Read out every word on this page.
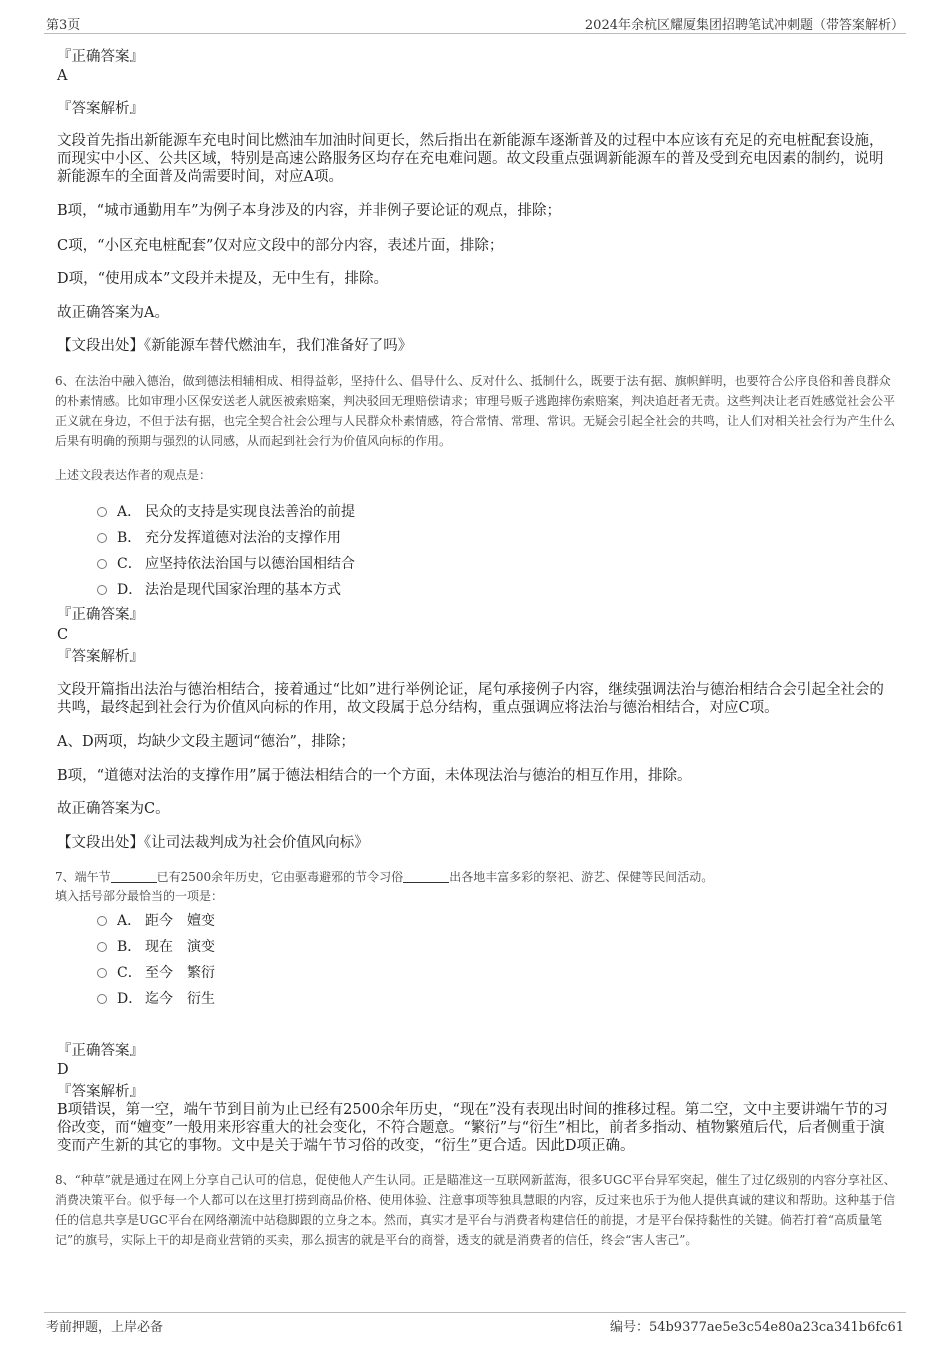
第3页	2024年余杭区耀厦集团招聘笔试冲刺题（带答案解析）
『正确答案』
A
『答案解析』
文段首先指出新能源车充电时间比燃油车加油时间更长，然后指出在新能源车逐渐普及的过程中本应该有充足的充电桩配套设施，而现实中小区、公共区域，特别是高速公路服务区均存在充电难问题。故文段重点强调新能源车的普及受到充电因素的制约，说明新能源车的全面普及尚需要时间，对应A项。
B项，“城市通勤用车”为例子本身涉及的内容，并非例子要论证的观点，排除；
C项，“小区充电桩配套”仅对应文段中的部分内容，表述片面，排除；
D项，“使用成本”文段并未提及，无中生有，排除。
故正确答案为A。
【文段出处】《新能源车替代燃油车，我们准备好了吗》
6、在法治中融入德治，做到德法相辅相成、相得益彰，坚持什么、倡导什么、反对什么、抵制什么，既要于法有据、旗帜鲜明，也要符合公序良俗和善良群众的朴素情感。比如审理小区保安送老人就医被索赔案，判决驳回无理赔偿请求；审理号贩子逃跑摔伤索赔案，判决追赶者无责。这些判决让老百姓感觉社会公平正义就在身边，不但于法有据，也完全契合社会公理与人民群众朴素情感，符合常情、常理、常识。无疑会引起全社会的共鸣，让人们对相关社会行为产生什么后果有明确的预期与强烈的认同感，从而起到社会行为价值风向标的作用。
上述文段表达作者的观点是：
A． 民众的支持是实现良法善治的前提
B． 充分发挥道德对法治的支撑作用
C． 应坚持依法治国与以德治国相结合
D． 法治是现代国家治理的基本方式
『正确答案』
C
『答案解析』
文段开篇指出法治与德治相结合，接着通过“比如”进行举例论证，尾句承接例子内容，继续强调法治与德治相结合会引起全社会的共鸣，最终起到社会行为价值风向标的作用，故文段属于总分结构，重点强调应将法治与德治相结合，对应C项。
A、D两项，均缺少文段主题词“德治”，排除；
B项，“道德对法治的支撑作用”属于德法相结合的一个方面，未体现法治与德治的相互作用，排除。
故正确答案为C。
【文段出处】《让司法裁判成为社会价值风向标》
7、端午节	已有2500余年历史，它由驱毒避邪的节令习俗	出各地丰富多彩的祭祀、游艺、保健等民间活动。
填入括号部分最恰当的一项是：
A． 距今　嬗变
B． 现在　演变
C． 至今　繁衍
D． 迄今　衍生
『正确答案』
D
『答案解析』
B项错误，第一空，端午节到目前为止已经有2500余年历史，“现在”没有表现出时间的推移过程。第二空，文中主要讲端午节的习俗改变，而“嬗变”一般用来形容重大的社会变化，不符合题意。“繁衍”与“衍生”相比，前者多指动、植物繁殖后代，后者侧重于演变而产生新的其它的事物。文中是关于端午节习俗的改变，“衍生”更合适。因此D项正确。
8、“种草”就是通过在网上分享自己认可的信息，促使他人产生认同。正是瞄准这一互联网新蓝海，很多UGC平台异军突起，催生了过亿级别的内容分享社区、消费决策平台。似乎每一个人都可以在这里打捞到商品价格、使用体验、注意事项等独具慧眼的内容，反过来也乐于为他人提供真诚的建议和帮助。这种基于信任的信息共享是UGC平台在网络潮流中站稳脚跟的立身之本。然而，真实才是平台与消费者构建信任的前提，才是平台保持黏性的关键。倘若打着“高质量笔记”的旗号，实际上干的却是商业营销的买卖，那么损害的就是平台的商誉，透支的就是消费者的信任，终会“害人害己”。
考前押题，上岸必备	编号：54b9377ae5e3c54e80a23ca341b6fc61
